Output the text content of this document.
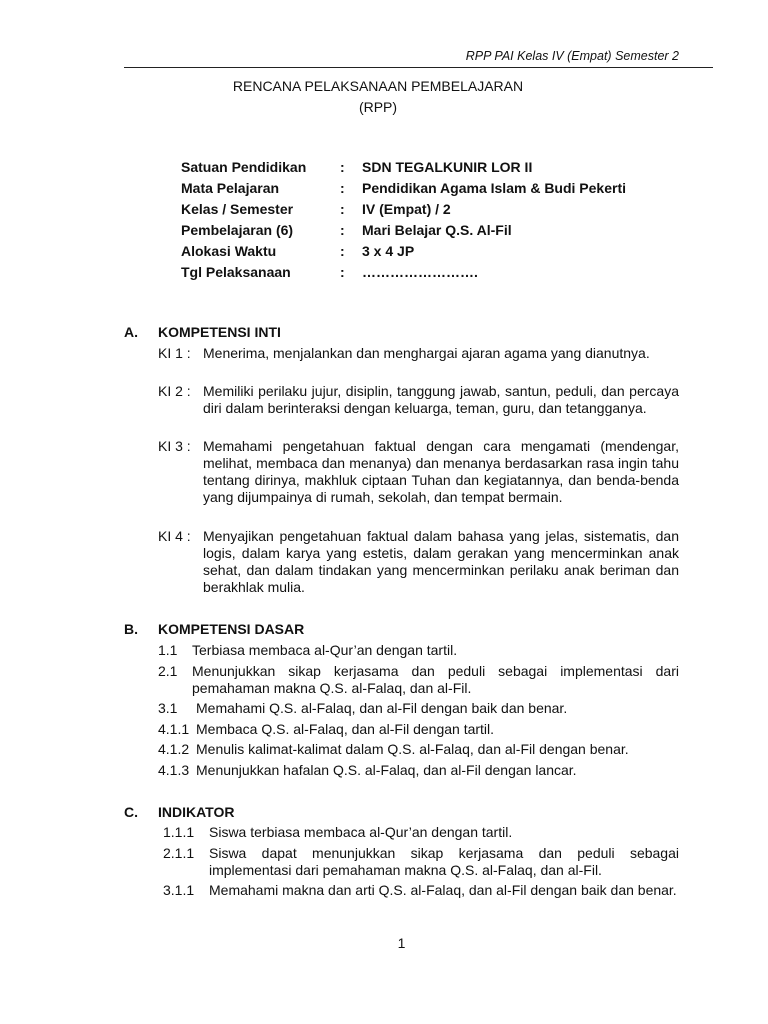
RPP PAI Kelas IV (Empat) Semester 2
RENCANA PELAKSANAAN PEMBELAJARAN
(RPP)
Satuan Pendidikan : SDN TEGALKUNIR LOR II
Mata Pelajaran	: Pendidikan Agama Islam & Budi Pekerti
Kelas / Semester	: IV (Empat) / 2
Pembelajaran (6)	: Mari Belajar Q.S. Al-Fil
Alokasi Waktu	: 3 x 4 JP
Tgl Pelaksanaan	: …………………….
A. KOMPETENSI INTI
KI 1 : Menerima, menjalankan dan menghargai ajaran agama yang dianutnya.
KI 2 : Memiliki perilaku jujur, disiplin, tanggung jawab, santun, peduli, dan percaya diri dalam berinteraksi dengan keluarga, teman, guru, dan tetangganya.
KI 3 : Memahami pengetahuan faktual dengan cara mengamati (mendengar, melihat, membaca dan menanya) dan menanya berdasarkan rasa ingin tahu tentang dirinya, makhluk ciptaan Tuhan dan kegiatannya, dan benda-benda yang dijumpainya di rumah, sekolah, dan tempat bermain.
KI 4 : Menyajikan pengetahuan faktual dalam bahasa yang jelas, sistematis, dan logis, dalam karya yang estetis, dalam gerakan yang mencerminkan anak sehat, dan dalam tindakan yang mencerminkan perilaku anak beriman dan berakhlak mulia.
B. KOMPETENSI DASAR
1.1 Terbiasa membaca al-Qur’an dengan tartil.
2.1 Menunjukkan sikap kerjasama dan peduli sebagai implementasi dari pemahaman makna Q.S. al-Falaq, dan al-Fil.
3.1 Memahami Q.S. al-Falaq, dan al-Fil dengan baik dan benar.
4.1.1 Membaca Q.S. al-Falaq, dan al-Fil dengan tartil.
4.1.2 Menulis kalimat-kalimat dalam Q.S. al-Falaq, dan al-Fil dengan benar.
4.1.3 Menunjukkan hafalan Q.S. al-Falaq, dan al-Fil dengan lancar.
C. INDIKATOR
1.1.1 Siswa terbiasa membaca al-Qur’an dengan tartil.
2.1.1 Siswa dapat menunjukkan sikap kerjasama dan peduli sebagai implementasi dari pemahaman makna Q.S. al-Falaq, dan al-Fil.
3.1.1 Memahami makna dan arti Q.S. al-Falaq, dan al-Fil dengan baik dan benar.
1
